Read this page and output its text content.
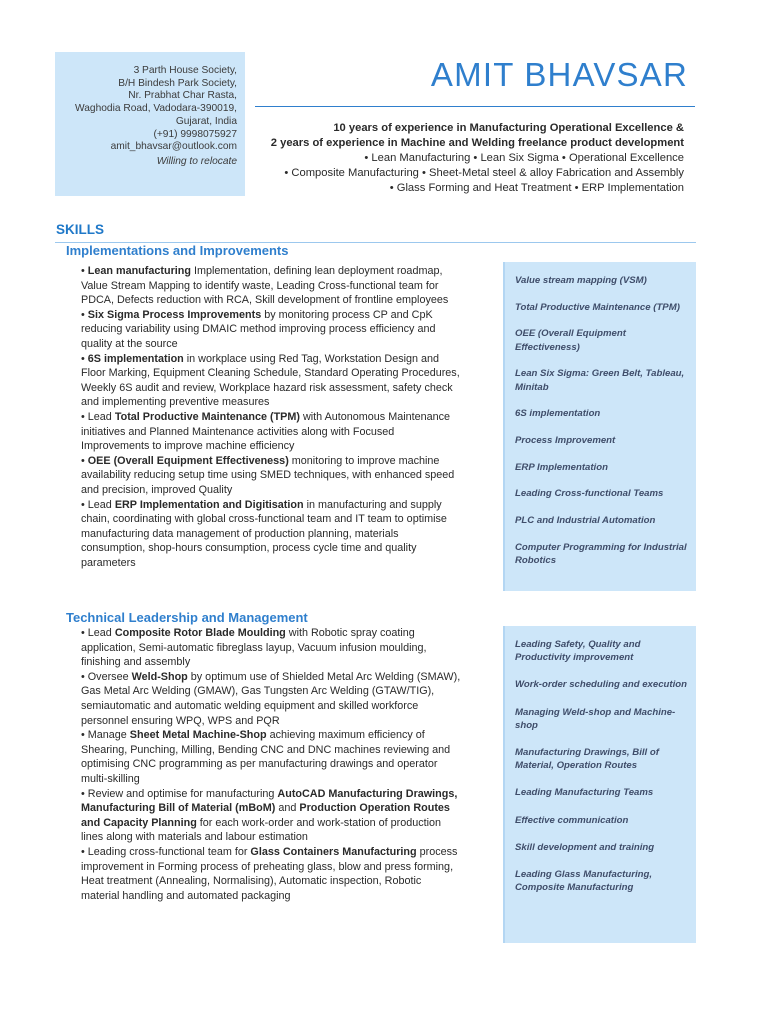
3 Parth House Society,
B/H Bindesh Park Society,
Nr. Prabhat Char Rasta,
Waghodia Road, Vadodara-390019,
Gujarat, India
(+91) 9998075927
amit_bhavsar@outlook.com
Willing to relocate
AMIT BHAVSAR
10 years of experience in Manufacturing Operational Excellence &
2 years of experience in Machine and Welding freelance product development
• Lean Manufacturing • Lean Six Sigma • Operational Excellence
• Composite Manufacturing • Sheet-Metal steel & alloy Fabrication and Assembly
• Glass Forming and Heat Treatment • ERP Implementation
SKILLS
Implementations and Improvements

• Lean manufacturing Implementation, defining lean deployment roadmap, Value Stream Mapping to identify waste, Leading Cross-functional team for PDCA, Defects reduction with RCA, Skill development of frontline employees

• Six Sigma Process Improvements by monitoring process CP and CpK reducing variability using DMAIC method improving process efficiency and quality at the source

• 6S implementation in workplace using Red Tag, Workstation Design and Floor Marking, Equipment Cleaning Schedule, Standard Operating Procedures, Weekly 6S audit and review, Workplace hazard risk assessment, safety check and implementing preventive measures

• Lead Total Productive Maintenance (TPM) with Autonomous Maintenance initiatives and Planned Maintenance activities along with Focused Improvements to improve machine efficiency

• OEE (Overall Equipment Effectiveness) monitoring to improve machine availability reducing setup time using SMED techniques, with enhanced speed and precision, improved Quality

• Lead ERP Implementation and Digitisation in manufacturing and supply chain, coordinating with global cross-functional team and IT team to optimise manufacturing data management of production planning, materials consumption, shop-hours consumption, process cycle time and quality parameters

Value stream mapping (VSM)
Total Productive Maintenance (TPM)
OEE (Overall Equipment Effectiveness)
Lean Six Sigma: Green Belt, Tableau, Minitab
6S implementation
Process Improvement
ERP Implementation
Leading Cross-functional Teams
PLC and Industrial Automation
Computer Programming for Industrial Robotics
Technical Leadership and Management

• Lead Composite Rotor Blade Moulding with Robotic spray coating application, Semi-automatic fibreglass layup, Vacuum infusion moulding, finishing and assembly

• Oversee Weld-Shop by optimum use of Shielded Metal Arc Welding (SMAW), Gas Metal Arc Welding (GMAW), Gas Tungsten Arc Welding (GTAW/TIG), semiautomatic and automatic welding equipment and skilled workforce personnel ensuring WPQ, WPS and PQR

• Manage Sheet Metal Machine-Shop achieving maximum efficiency of Shearing, Punching, Milling, Bending CNC and DNC machines reviewing and optimising CNC programming as per manufacturing drawings and operator multi-skilling

• Review and optimise for manufacturing AutoCAD Manufacturing Drawings, Manufacturing Bill of Material (mBoM) and Production Operation Routes and Capacity Planning for each work-order and work-station of production lines along with materials and labour estimation

• Leading cross-functional team for Glass Containers Manufacturing process improvement in Forming process of preheating glass, blow and press forming, Heat treatment (Annealing, Normalising), Automatic inspection, Robotic material handling and automated packaging

Leading Safety, Quality and Productivity improvement
Work-order scheduling and execution
Managing Weld-shop and Machine-shop
Manufacturing Drawings, Bill of Material, Operation Routes
Leading Manufacturing Teams
Effective communication
Skill development and training
Leading Glass Manufacturing, Composite Manufacturing
